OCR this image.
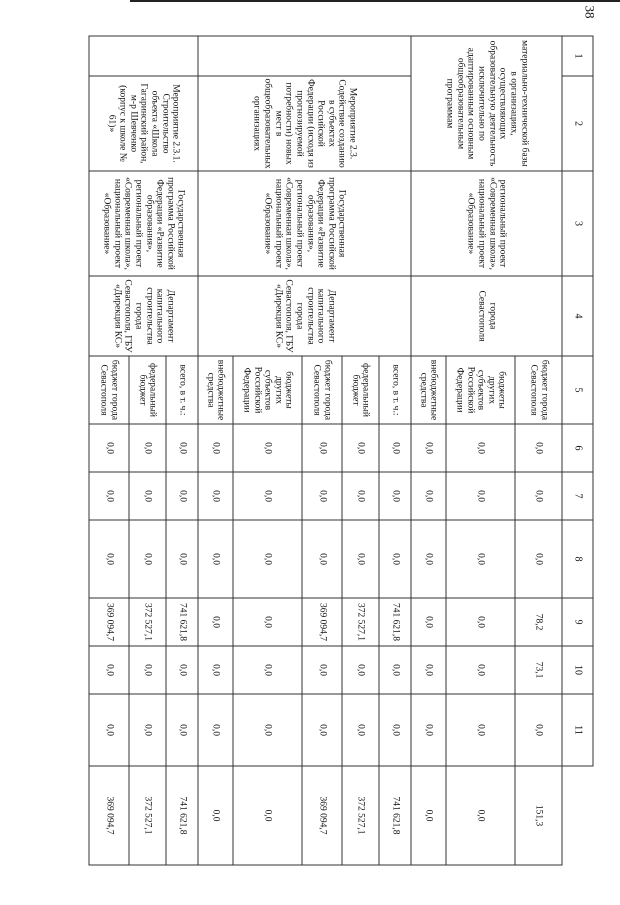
38
1	2	3	4	5	6	7	8	9	10	11	
материально-технической базы в организациях, осуществляющих образовательную деятельность исключительно по адаптированным основным общеобразовательным программам		региональный проект «Современная школа», национальный проект «Образование»	города Севастополя	бюджет города Севастополя	0,0	0,0	0,0	78,2	73,1	0,0	151,3
				бюджеты других субъектов Российской Федерации	0,0	0,0	0,0	0,0	0,0	0,0	0,0
				внебюджетные средства	0,0	0,0	0,0	0,0	0,0	0,0	0,0
	Мероприятие 2.3. Содействие созданию в субъектах Российской Федерации (исходя из прогнозируемой потребности) новых мест в общеобразовательных организациях	Государственная программа Российской Федерации «Развитие образования», региональный проект «Современная школа», национальный проект «Образование»	Департамент капитального строительства города Севастополя, ГБУ «Дирекция КС»	всего, в т. ч.:	0,0	0,0	0,0	741 621,8	0,0	0,0	741 621,8
				федеральный бюджет	0,0	0,0	0,0	372 527,1	0,0	0,0	372 527,1
				бюджет города Севастополя	0,0	0,0	0,0	369 094,7	0,0	0,0	369 094,7
				бюджеты других субъектов Российской Федерации	0,0	0,0	0,0	0,0	0,0	0,0	0,0
				внебюджетные средства	0,0	0,0	0,0	0,0	0,0	0,0	0,0
	Мероприятие 2.3.1. Строительство объекта «Школа Гагаринский район, м-р Шевченко (корпус к школе № 61)»	Государственная программа Российской Федерации «Развитие образования», региональный проект «Современная школа», национальный проект «Образование»	Департамент капитального строительства города Севастополя, ГБУ «Дирекция КС»	всего, в т. ч.:	0,0	0,0	0,0	741 621,8	0,0	0,0	741 621,8
				федеральный бюджет	0,0	0,0	0,0	372 527,1	0,0	0,0	372 527,1
				бюджет города Севастополя	0,0	0,0	0,0	369 094,7	0,0	0,0	369 094,7
